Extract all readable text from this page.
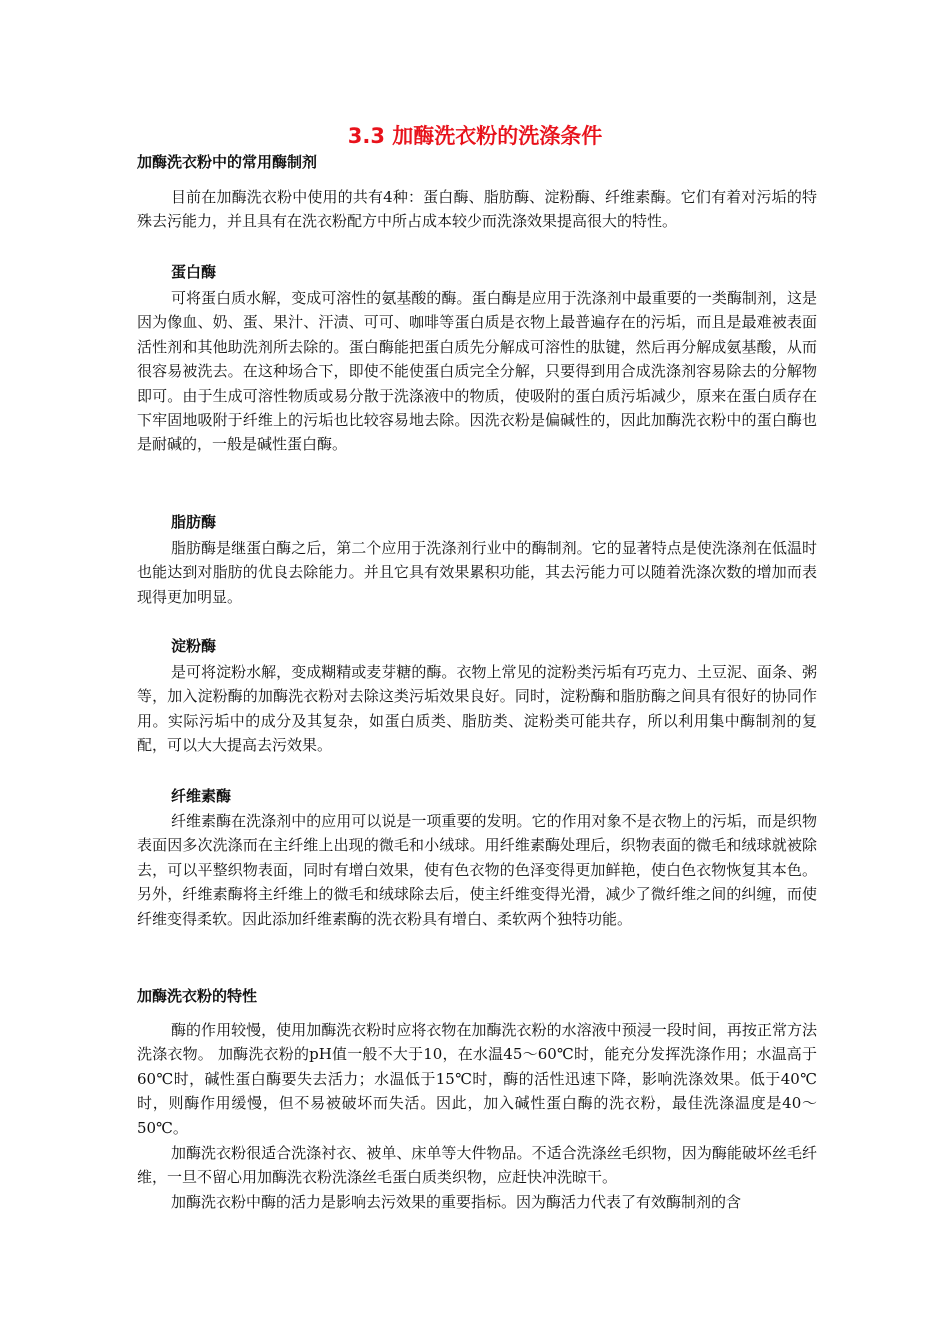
3.3 加酶洗衣粉的洗涤条件
加酶洗衣粉中的常用酶制剂

目前在加酶洗衣粉中使用的共有4种：蛋白酶、脂肪酶、淀粉酶、纤维素酶。它们有着对污垢的特殊去污能力，并且具有在洗衣粉配方中所占成本较少而洗涤效果提高很大的特性。

蛋白酶

可将蛋白质水解，变成可溶性的氨基酸的酶。蛋白酶是应用于洗涤剂中最重要的一类酶制剂，这是因为像血、奶、蛋、果汁、汗渍、可可、咖啡等蛋白质是衣物上最普遍存在的污垢，而且是最难被表面活性剂和其他助洗剂所去除的。蛋白酶能把蛋白质先分解成可溶性的肽键，然后再分解成氨基酸，从而很容易被洗去。在这种场合下，即使不能使蛋白质完全分解，只要得到用合成洗涤剂容易除去的分解物即可。由于生成可溶性物质或易分散于洗涤液中的物质，使吸附的蛋白质污垢减少，原来在蛋白质存在下牢固地吸附于纤维上的污垢也比较容易地去除。因洗衣粉是偏碱性的，因此加酶洗衣粉中的蛋白酶也是耐碱的，一般是碱性蛋白酶。

脂肪酶

脂肪酶是继蛋白酶之后，第二个应用于洗涤剂行业中的酶制剂。它的显著特点是使洗涤剂在低温时也能达到对脂肪的优良去除能力。并且它具有效果累积功能，其去污能力可以随着洗涤次数的增加而表现得更加明显。

淀粉酶

是可将淀粉水解，变成糊精或麦芽糖的酶。衣物上常见的淀粉类污垢有巧克力、土豆泥、面条、粥等，加入淀粉酶的加酶洗衣粉对去除这类污垢效果良好。同时，淀粉酶和脂肪酶之间具有很好的协同作用。实际污垢中的成分及其复杂，如蛋白质类、脂肪类、淀粉类可能共存，所以利用集中酶制剂的复配，可以大大提高去污效果。

纤维素酶

纤维素酶在洗涤剂中的应用可以说是一项重要的发明。它的作用对象不是衣物上的污垢，而是织物表面因多次洗涤而在主纤维上出现的微毛和小绒球。用纤维素酶处理后，织物表面的微毛和绒球就被除去，可以平整织物表面，同时有增白效果，使有色衣物的色泽变得更加鲜艳，使白色衣物恢复其本色。另外，纤维素酶将主纤维上的微毛和绒球除去后，使主纤维变得光滑，减少了微纤维之间的纠缠，而使纤维变得柔软。因此添加纤维素酶的洗衣粉具有增白、柔软两个独特功能。

加酶洗衣粉的特性

酶的作用较慢，使用加酶洗衣粉时应将衣物在加酶洗衣粉的水溶液中预浸一段时间，再按正常方法洗涤衣物。 加酶洗衣粉的pH值一般不大于10，在水温45～60℃时，能充分发挥洗涤作用；水温高于60℃时，碱性蛋白酶要失去活力；水温低于15℃时，酶的活性迅速下降，影响洗涤效果。低于40℃时，则酶作用缓慢，但不易被破坏而失活。因此，加入碱性蛋白酶的洗衣粉，最佳洗涤温度是40～50℃。

加酶洗衣粉很适合洗涤衬衣、被单、床单等大件物品。不适合洗涤丝毛织物，因为酶能破坏丝毛纤维，一旦不留心用加酶洗衣粉洗涤丝毛蛋白质类织物，应赶快冲洗晾干。

加酶洗衣粉中酶的活力是影响去污效果的重要指标。因为酶活力代表了有效酶制剂的含
